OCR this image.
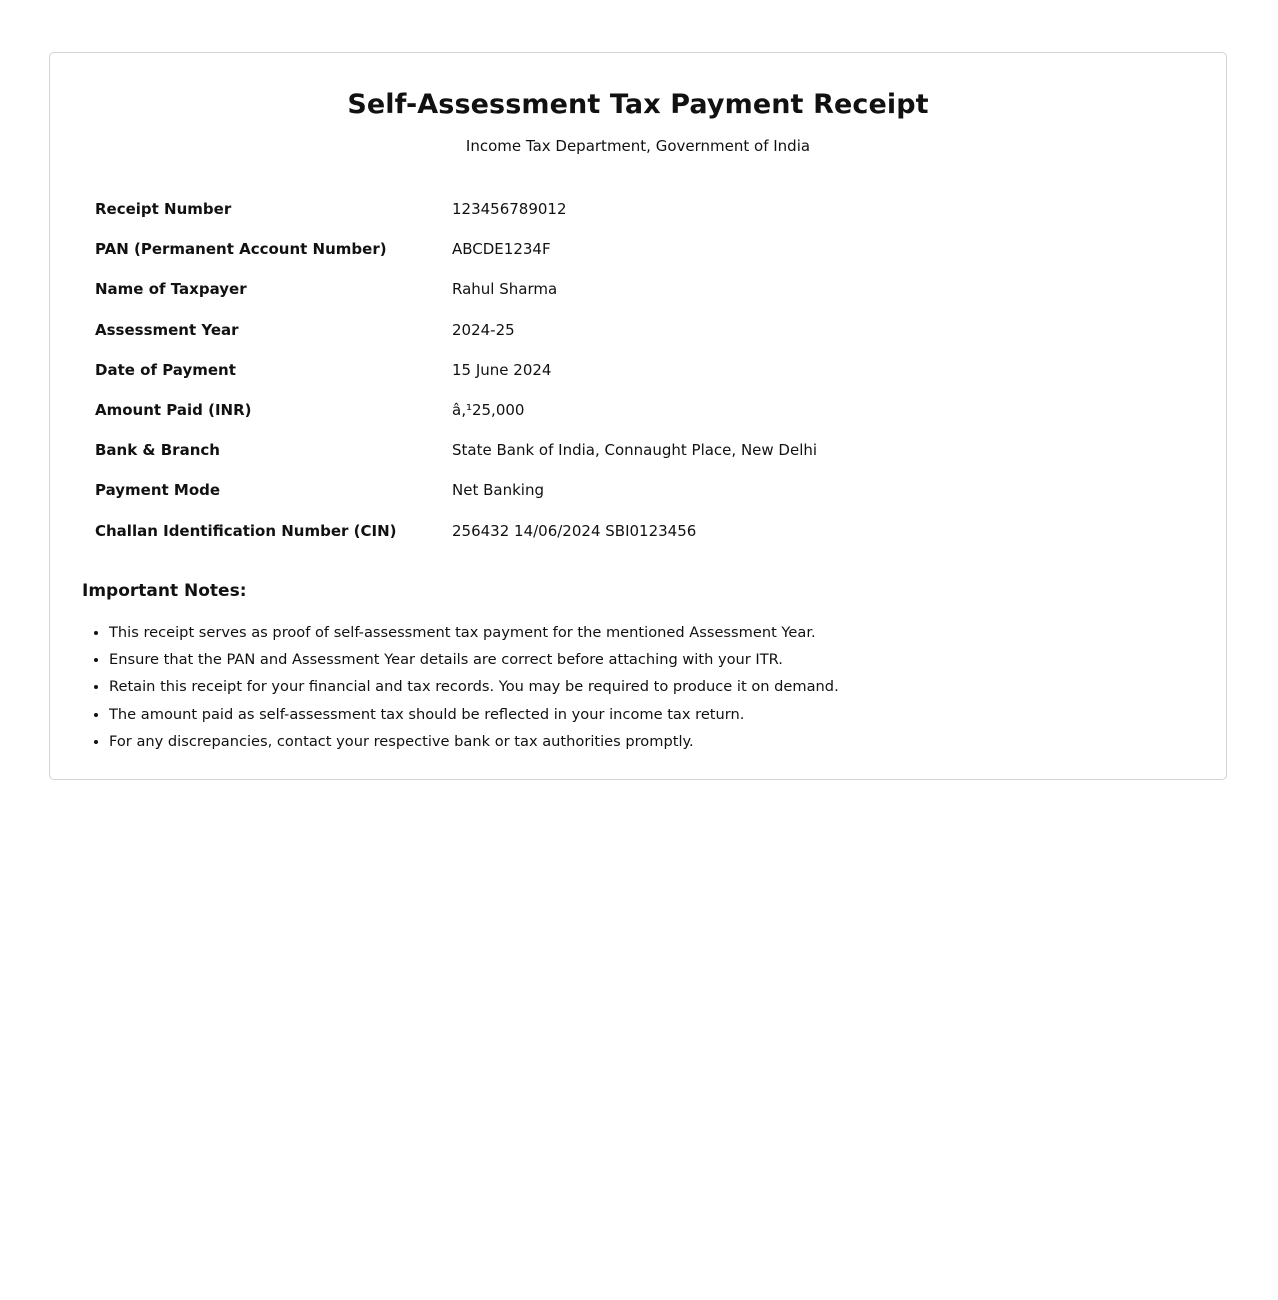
Self-Assessment Tax Payment Receipt

Income Tax Department, Government of India

Receipt Number	123456789012
PAN (Permanent Account Number)	ABCDE1234F
Name of Taxpayer	Rahul Sharma
Assessment Year	2024-25
Date of Payment	15 June 2024
Amount Paid (INR)	â‚¹25,000
Bank & Branch	State Bank of India, Connaught Place, New Delhi
Payment Mode	Net Banking
Challan Identification Number (CIN)	256432 14/06/2024 SBI0123456
Important Notes:
• This receipt serves as proof of self-assessment tax payment for the mentioned Assessment Year.
• Ensure that the PAN and Assessment Year details are correct before attaching with your ITR.
• Retain this receipt for your financial and tax records. You may be required to produce it on demand.
• The amount paid as self-assessment tax should be reflected in your income tax return.
• For any discrepancies, contact your respective bank or tax authorities promptly.
